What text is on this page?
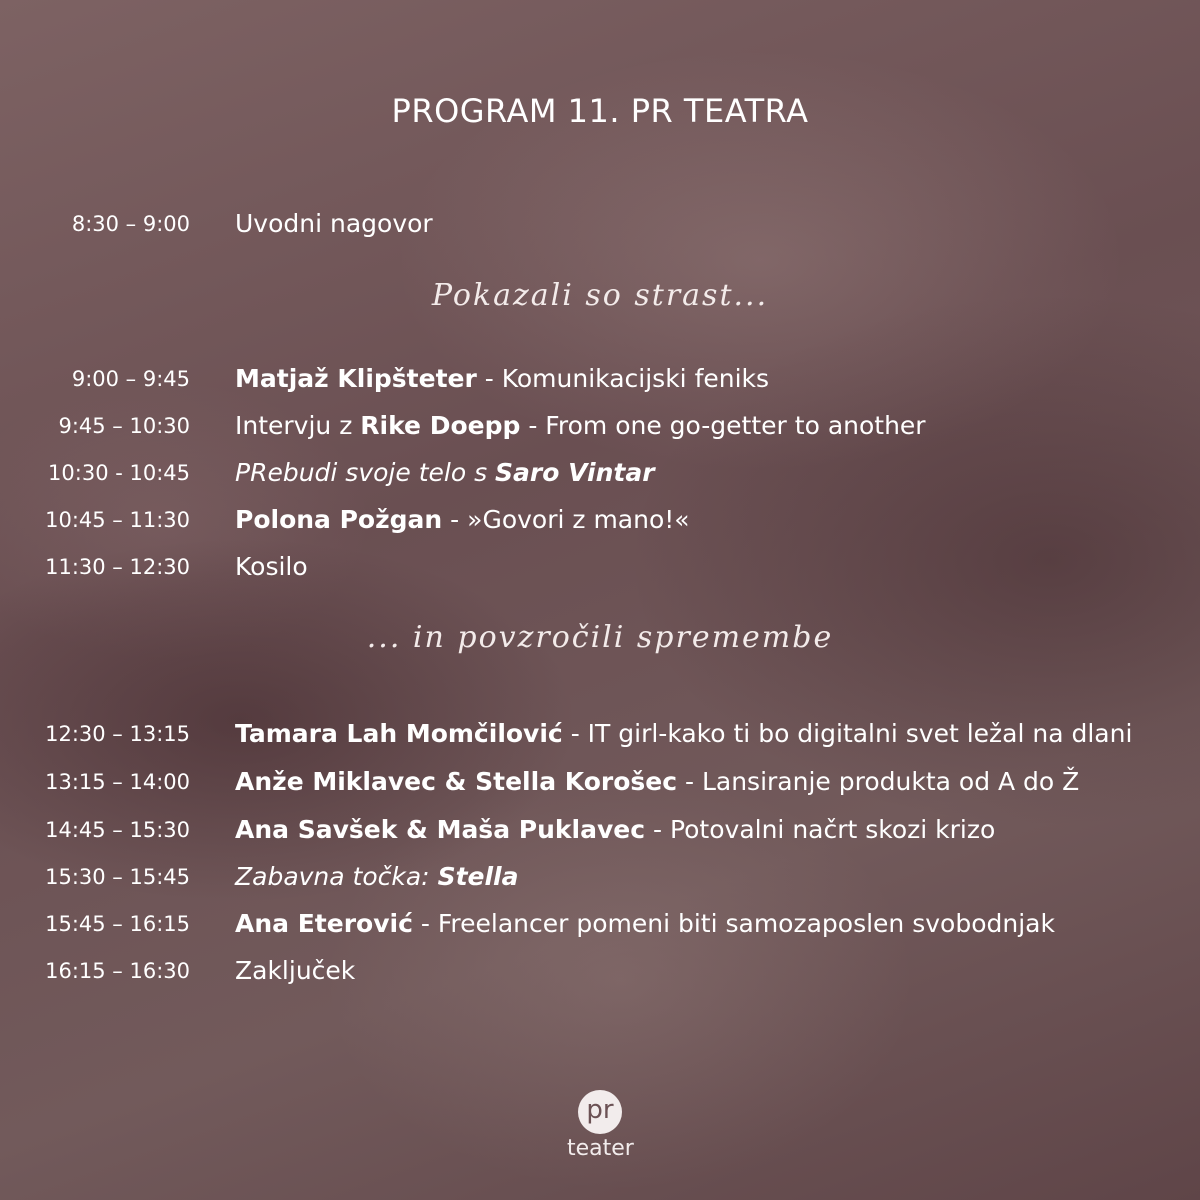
PROGRAM 11. PR TEATRA
8:30 – 9:00 Uvodni nagovor
Pokazali so strast...
9:00 – 9:45 Matjaž Klipšteter - Komunikacijski feniks
9:45 – 10:30 Intervju z Rike Doepp - From one go-getter to another
10:30 - 10:45 PRebudi svoje telo s Saro Vintar
10:45 – 11:30 Polona Požgan - »Govori z mano!«
11:30 – 12:30 Kosilo
... in povzročili spremembe
12:30 – 13:15 Tamara Lah Momčilović - IT girl-kako ti bo digitalni svet ležal na dlani
13:15 – 14:00 Anže Miklavec & Stella Korošec - Lansiranje produkta od A do Ž
14:45 – 15:30 Ana Savšek & Maša Puklavec - Potovalni načrt skozi krizo
15:30 – 15:45 Zabavna točka: Stella
15:45 – 16:15 Ana Eterović - Freelancer pomeni biti samozaposlen svobodnjak
16:15 – 16:30 Zaključek
pr
teater
